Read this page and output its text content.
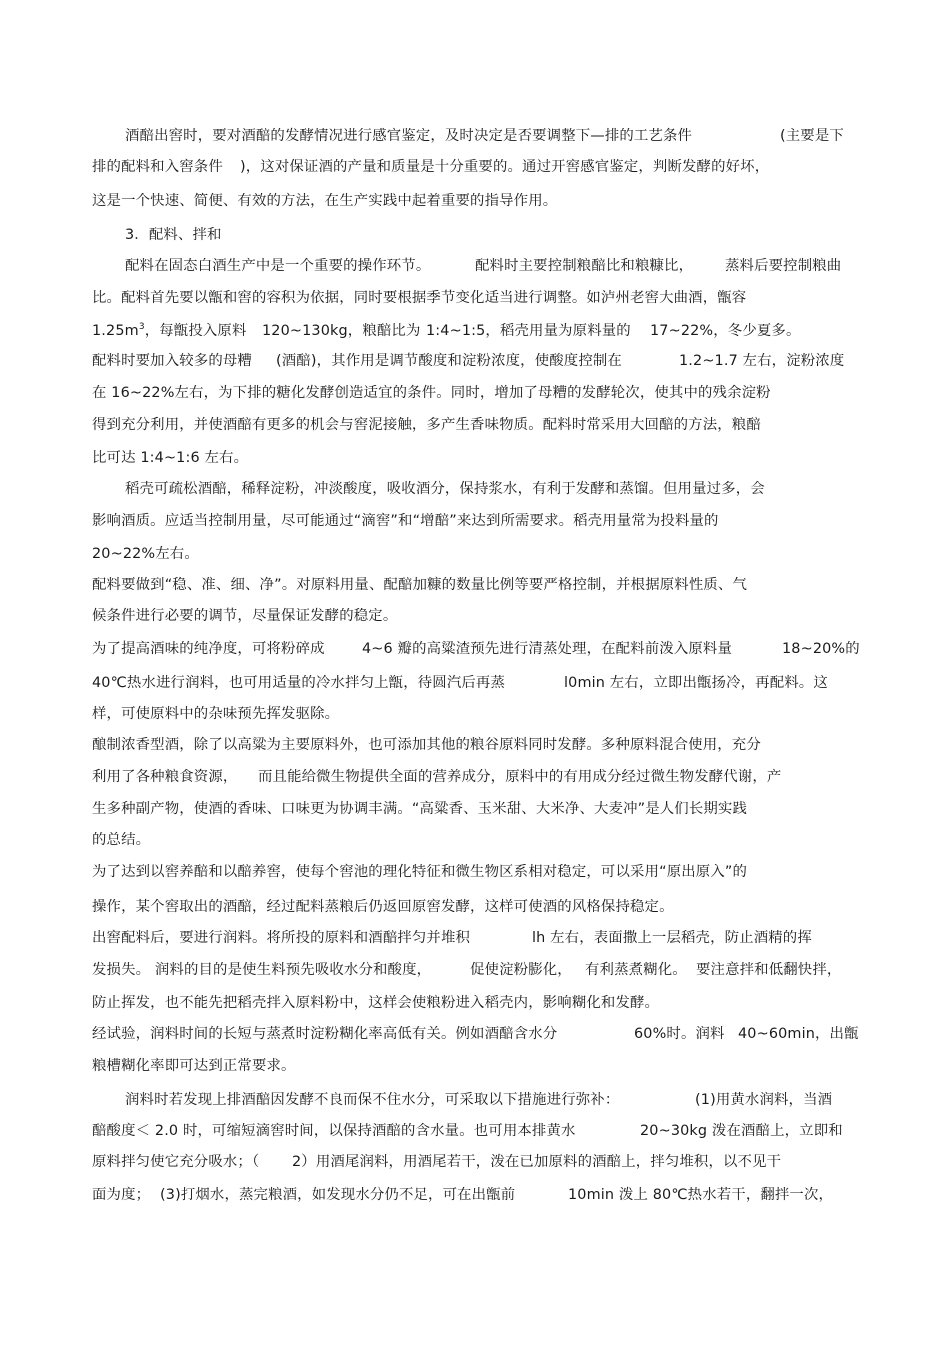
酒醅出窖时，要对酒醅的发酵情况进行感官鉴定，及时决定是否要调整下—排的工艺条件	(主要是下
排的配料和入窖条件 )，这对保证酒的产量和质量是十分重要的。通过开窖感官鉴定，判断发酵的好坏，
这是一个快速、简便、有效的方法，在生产实践中起着重要的指导作用。
3．配料、拌和
配料在固态白酒生产中是一个重要的操作环节。	配料时主要控制粮醅比和粮糠比， 蒸料后要控制粮曲
比。配料首先要以甑和窖的容积为依据，同时要根据季节变化适当进行调整。如泸州老窖大曲酒，甑容
$1.25m^3$，每甑投入原料 120~130kg，粮醅比为 1:4~1:5，稻壳用量为原料量的 17~22%，冬少夏多。
配料时要加入较多的母糟 (酒醅)，其作用是调节酸度和淀粉浓度，使酸度控制在	1.2~1.7 左右，淀粉浓度
在 16~22%左右，为下排的糖化发酵创造适宜的条件。同时，增加了母糟的发酵轮次，使其中的残余淀粉
得到充分利用，并使酒醅有更多的机会与窖泥接触，多产生香味物质。配料时常采用大回醅的方法，粮醅
比可达 1:4~1:6 左右。
稻壳可疏松酒醅，稀释淀粉，冲淡酸度，吸收酒分，保持浆水，有利于发酵和蒸馏。但用量过多，会
影响酒质。应适当控制用量，尽可能通过“滴窖”和“增醅”来达到所需要求。稻壳用量常为投料量的
20~22%左右。
配料要做到“稳、准、细、净”。对原料用量、配醅加糠的数量比例等要严格控制，并根据原料性质、气
候条件进行必要的调节，尽量保证发酵的稳定。
为了提高酒味的纯净度，可将粉碎成	4~6 瓣的高粱渣预先进行清蒸处理，在配料前泼入原料量	18~20%的
40℃热水进行润料，也可用适量的冷水拌匀上甑，待圆汽后再蒸	l0min 左右，立即出甑扬冷，再配料。这
样，可使原料中的杂味预先挥发驱除。
酿制浓香型酒，除了以高粱为主要原料外，也可添加其他的粮谷原料同时发酵。多种原料混合使用，充分
利用了各种粮食资源， 而且能给微生物提供全面的营养成分，原料中的有用成分经过微生物发酵代谢，产
生多种副产物，使酒的香味、口味更为协调丰满。“高粱香、玉米甜、大米净、大麦冲”是人们长期实践
的总结。
为了达到以窖养醅和以醅养窖，使每个窖池的理化特征和微生物区系相对稳定，可以采用“原出原入”的
操作，某个窖取出的酒醅，经过配料蒸粮后仍返回原窖发酵，这样可使酒的风格保持稳定。
出窖配料后，要进行润料。将所投的原料和酒醅拌匀并堆积	lh 左右，表面撒上一层稻壳，防止酒精的挥
发损失。 润料的目的是使生料预先吸收水分和酸度，	促使淀粉膨化， 有利蒸煮糊化。 要注意拌和低翻快拌，
防止挥发，也不能先把稻壳拌入原料粉中，这样会使粮粉进入稻壳内，影响糊化和发酵。
经试验，润料时间的长短与蒸煮时淀粉糊化率高低有关。例如酒醅含水分	60%时。润料 40~60min，出甑
粮槽糊化率即可达到正常要求。
润料时若发现上排酒醅因发酵不良而保不住水分，可采取以下措施进行弥补：	(1)用黄水润料，当酒
醅酸度＜ 2.0 时，可缩短滴窖时间，以保持酒醅的含水量。也可用本排黄水	20~30kg 泼在酒醅上，立即和
原料拌匀使它充分吸水；（ 2）用酒尾润料，用酒尾若干，泼在已加原料的酒醅上，拌匀堆积，以不见干
面为度； (3)打烟水，蒸完粮酒，如发现水分仍不足，可在出甑前	10min 泼上 80℃热水若干，翻拌一次，
